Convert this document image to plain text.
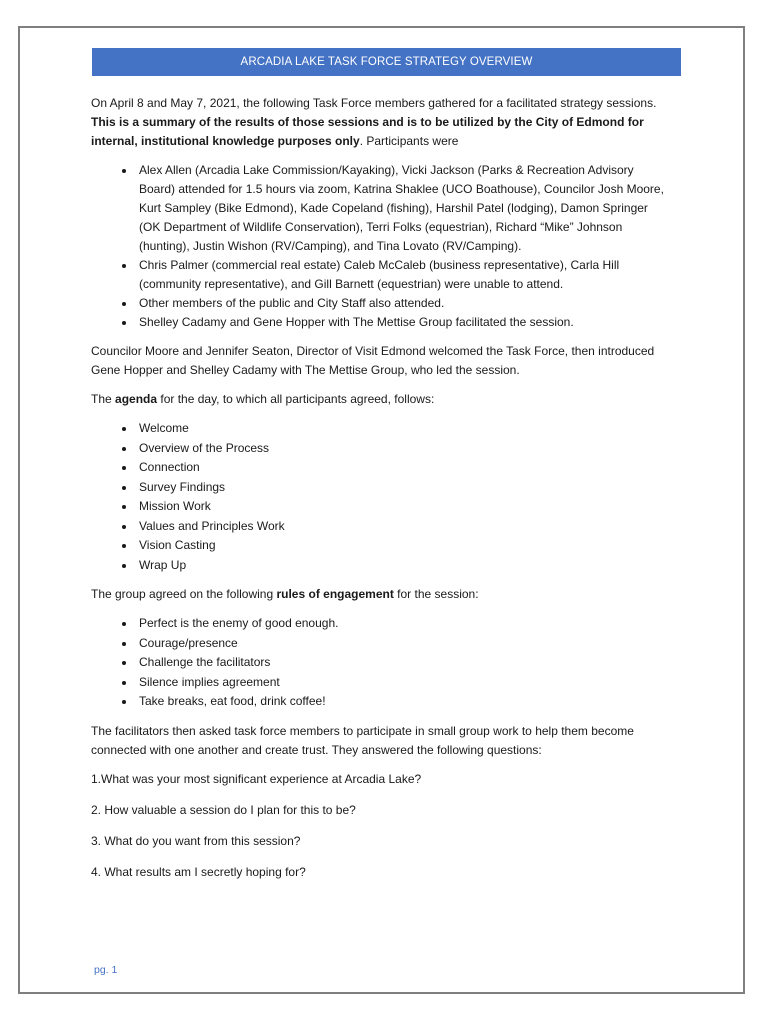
ARCADIA LAKE TASK FORCE STRATEGY OVERVIEW

On April 8 and May 7, 2021, the following Task Force members gathered for a facilitated strategy sessions. This is a summary of the results of those sessions and is to be utilized by the City of Edmond for internal, institutional knowledge purposes only. Participants were

• Alex Allen (Arcadia Lake Commission/Kayaking), Vicki Jackson (Parks & Recreation Advisory Board) attended for 1.5 hours via zoom, Katrina Shaklee (UCO Boathouse), Councilor Josh Moore, Kurt Sampley (Bike Edmond), Kade Copeland (fishing), Harshil Patel (lodging), Damon Springer (OK Department of Wildlife Conservation), Terri Folks (equestrian), Richard “Mike” Johnson (hunting), Justin Wishon (RV/Camping), and Tina Lovato (RV/Camping).
• Chris Palmer (commercial real estate) Caleb McCaleb (business representative), Carla Hill (community representative), and Gill Barnett (equestrian) were unable to attend.
• Other members of the public and City Staff also attended.
• Shelley Cadamy and Gene Hopper with The Mettise Group facilitated the session.

Councilor Moore and Jennifer Seaton, Director of Visit Edmond welcomed the Task Force, then introduced Gene Hopper and Shelley Cadamy with The Mettise Group, who led the session.

The agenda for the day, to which all participants agreed, follows:

• Welcome
• Overview of the Process
• Connection
• Survey Findings
• Mission Work
• Values and Principles Work
• Vision Casting
• Wrap Up

The group agreed on the following rules of engagement for the session:

• Perfect is the enemy of good enough.
• Courage/presence
• Challenge the facilitators
• Silence implies agreement
• Take breaks, eat food, drink coffee!

The facilitators then asked task force members to participate in small group work to help them become connected with one another and create trust. They answered the following questions:

1.What was your most significant experience at Arcadia Lake?

2. How valuable a session do I plan for this to be?

3. What do you want from this session?

4. What results am I secretly hoping for?

pg. 1
